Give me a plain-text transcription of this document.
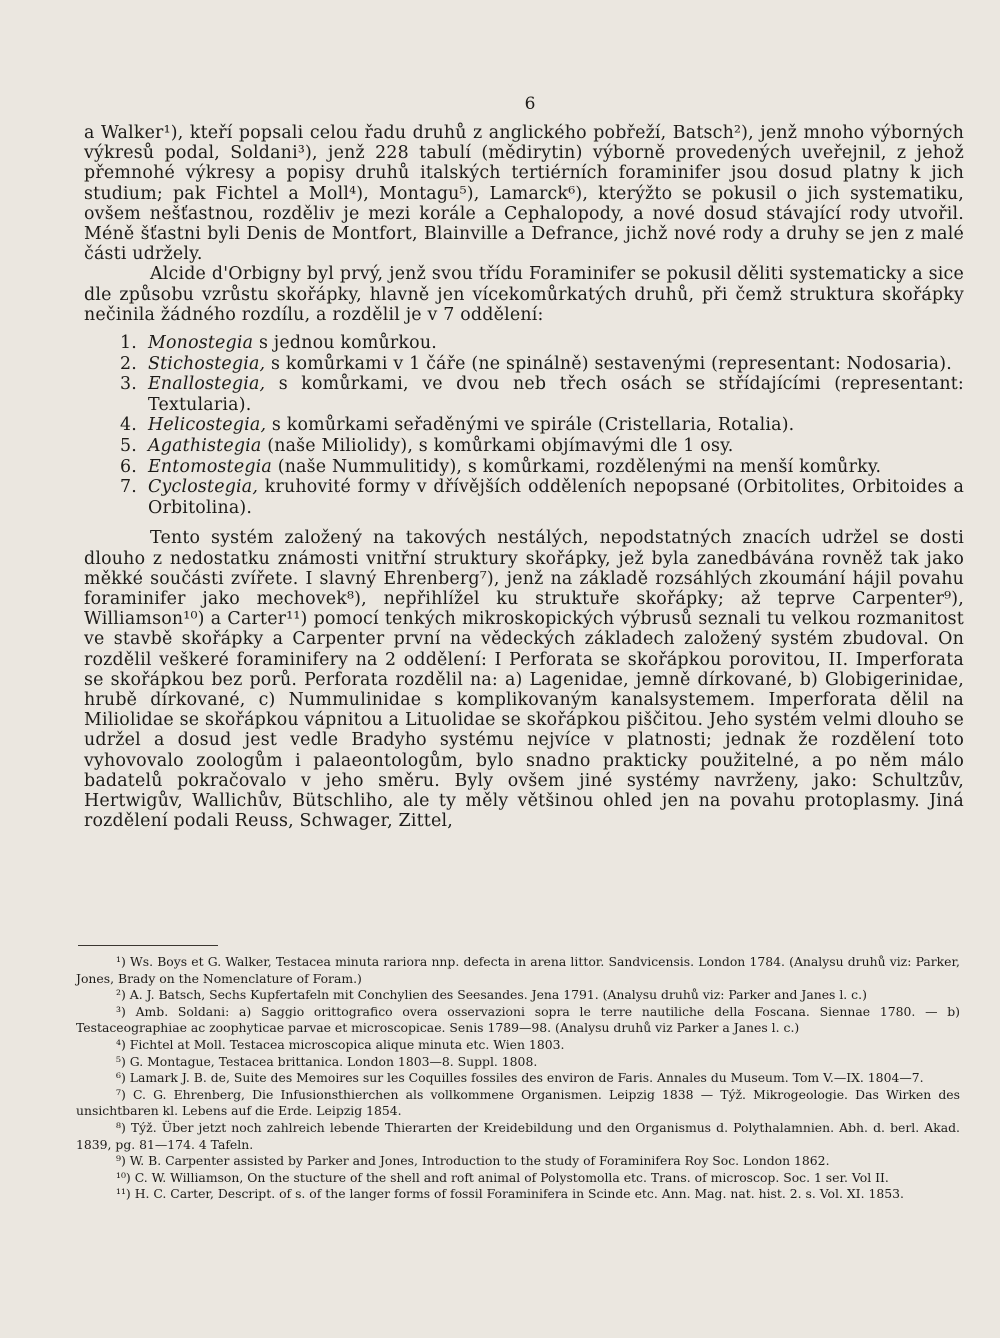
6

a Walker¹), kteří popsali celou řadu druhů z anglického pobřeží, Batsch²), jenž mnoho výborných výkresů podal, Soldani³), jenž 228 tabulí (mědirytin) výborně provedených uveřejnil, z jehož přemnohé výkresy a popisy druhů italských tertiérních foraminifer jsou dosud platny k jich studium; pak Fichtel a Moll⁴), Montagu⁵), Lamarck⁶), kterýžto se pokusil o jich systematiku, ovšem nešťastnou, rozděliv je mezi korále a Cephalopody, a nové dosud stávající rody utvořil. Méně šťastni byli Denis de Montfort, Blainville a Defrance, jichž nové rody a druhy se jen z malé části udržely.

Alcide d'Orbigny byl prvý, jenž svou třídu Foraminifer se pokusil děliti systematicky a sice dle způsobu vzrůstu skořápky, hlavně jen vícekomůrkatých druhů, při čemž struktura skořápky nečinila žádného rozdílu, a rozdělil je v 7 oddělení:

1. Monostegia s jednou komůrkou.
2. Stichostegia, s komůrkami v 1 čáře (ne spinálně) sestavenými (representant: Nodosaria).
3. Enallostegia, s komůrkami, ve dvou neb třech osách se střídajícími (representant: Textularia).
4. Helicostegia, s komůrkami seřaděnými ve spirále (Cristellaria, Rotalia).
5. Agathistegia (naše Miliolidy), s komůrkami objímavými dle 1 osy.
6. Entomostegia (naše Nummulitidy), s komůrkami, rozdělenými na menší komůrky.
7. Cyclostegia, kruhovité formy v dřívějších odděleních nepopsané (Orbitolites, Orbitoides a Orbitolina).

Tento systém založený na takových nestálých, nepodstatných znacích udržel se dosti dlouho z nedostatku známosti vnitřní struktury skořápky, jež byla zanedbávána rovněž tak jako měkké součásti zvířete. I slavný Ehrenberg⁷), jenž na základě rozsáhlých zkoumání hájil povahu foraminifer jako mechovek⁸), nepřihlížel ku struktuře skořápky; až teprve Carpenter⁹), Williamson¹⁰) a Carter¹¹) pomocí tenkých mikroskopických výbrusů seznali tu velkou rozmanitost ve stavbě skořápky a Carpenter první na vědeckých základech založený systém zbudoval. On rozdělil veškeré foraminifery na 2 oddělení: I Perforata se skořápkou porovitou, II. Imperforata se skořápkou bez porů. Perforata rozdělil na: a) Lagenidae, jemně dírkované, b) Globigerinidae, hrubě dírkované, c) Nummulinidae s komplikovaným kanalsystemem. Imperforata dělil na Miliolidae se skořápkou vápnitou a Lituolidae se skořápkou piščitou. Jeho systém velmi dlouho se udržel a dosud jest vedle Bradyho systému nejvíce v platnosti; jednak že rozdělení toto vyhovovalo zoologům i palaeontologům, bylo snadno prakticky použitelné, a po něm málo badatelů pokračovalo v jeho směru. Byly ovšem jiné systémy navrženy, jako: Schultzův, Hertwigův, Wallichův, Bütschliho, ale ty měly většinou ohled jen na povahu protoplasmy. Jiná rozdělení podali Reuss, Schwager, Zittel,

¹) Ws. Boys et G. Walker, Testacea minuta rariora nnp. defecta in arena littor. Sandvicensis. London 1784. (Analysu druhů viz: Parker, Jones, Brady on the Nomenclature of Foram.)

²) A. J. Batsch, Sechs Kupfertafeln mit Conchylien des Seesandes. Jena 1791. (Analysu druhů viz: Parker and Janes l. c.)

³) Amb. Soldani: a) Saggio orittografico overa osservazioni sopra le terre nautiliche della Foscana. Siennae 1780. — b) Testaceographiae ac zoophyticae parvae et microscopicae. Senis 1789—98. (Analysu druhů viz Parker a Janes l. c.)

⁴) Fichtel at Moll. Testacea microscopica alique minuta etc. Wien 1803.

⁵) G. Montague, Testacea brittanica. London 1803—8. Suppl. 1808.

⁶) Lamark J. B. de, Suite des Memoires sur les Coquilles fossiles des environ de Faris. Annales du Museum. Tom V.—IX. 1804—7.

⁷) C. G. Ehrenberg, Die Infusionsthierchen als vollkommene Organismen. Leipzig 1838 — Týž. Mikrogeologie. Das Wirken des unsichtbaren kl. Lebens auf die Erde. Leipzig 1854.

⁸) Týž. Über jetzt noch zahlreich lebende Thierarten der Kreidebildung und den Organismus d. Polythalamnien. Abh. d. berl. Akad. 1839, pg. 81—174. 4 Tafeln.

⁹) W. B. Carpenter assisted by Parker and Jones, Introduction to the study of Foraminifera Roy Soc. London 1862.

¹⁰) C. W. Williamson, On the stucture of the shell and roft animal of Polystomolla etc. Trans. of microscop. Soc. 1 ser. Vol II.

¹¹) H. C. Carter, Descript. of s. of the langer forms of fossil Foraminifera in Scinde etc. Ann. Mag. nat. hist. 2. s. Vol. XI. 1853.
